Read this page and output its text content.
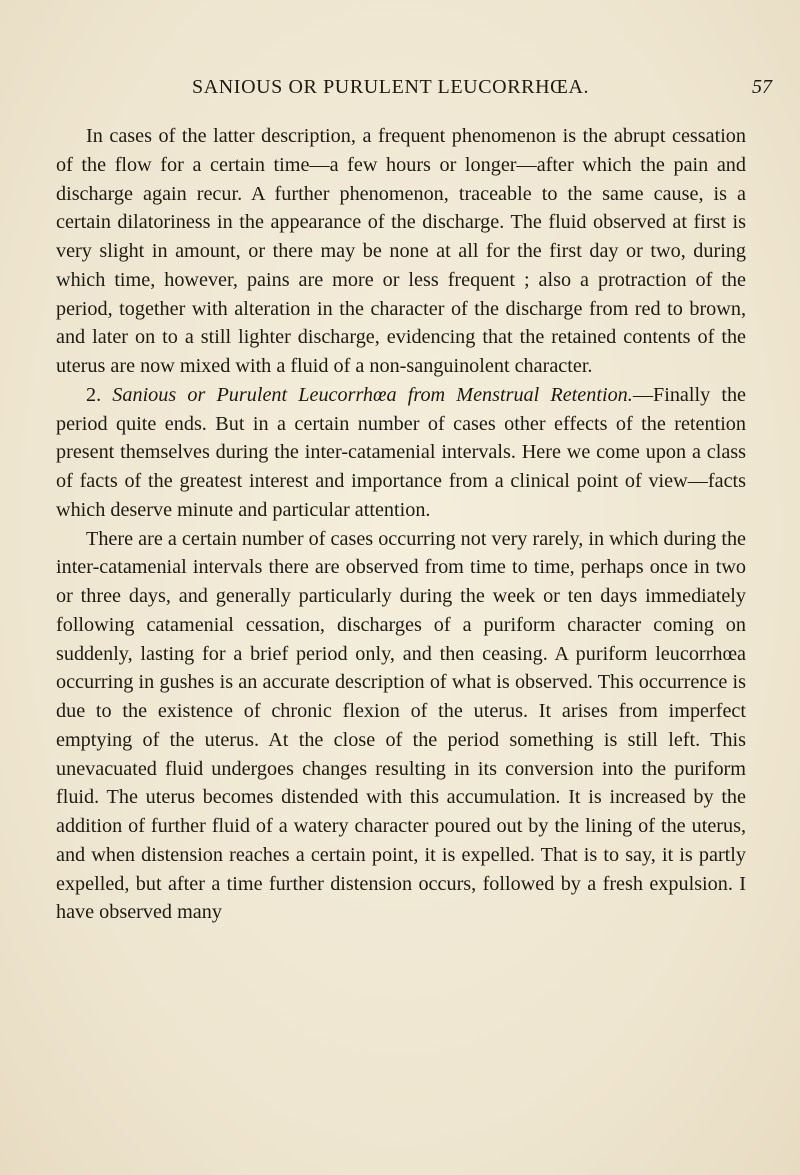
SANIOUS OR PURULENT LEUCORRHŒA.	57

In cases of the latter description, a frequent phenomenon is the abrupt cessation of the flow for a certain time—a few hours or longer—after which the pain and discharge again recur. A further phenomenon, traceable to the same cause, is a certain dilatoriness in the appearance of the discharge. The fluid observed at first is very slight in amount, or there may be none at all for the first day or two, during which time, however, pains are more or less frequent ; also a protraction of the period, together with alteration in the character of the discharge from red to brown, and later on to a still lighter discharge, evidencing that the retained contents of the uterus are now mixed with a fluid of a non-sanguinolent character.

2. Sanious or Purulent Leucorrhœa from Menstrual Retention.—Finally the period quite ends. But in a certain number of cases other effects of the retention present themselves during the inter-catamenial intervals. Here we come upon a class of facts of the greatest interest and importance from a clinical point of view—facts which deserve minute and particular attention.

There are a certain number of cases occurring not very rarely, in which during the inter-catamenial intervals there are observed from time to time, perhaps once in two or three days, and generally particularly during the week or ten days immediately following catamenial cessation, discharges of a puriform character coming on suddenly, lasting for a brief period only, and then ceasing. A puriform leucorrhœa occurring in gushes is an accurate description of what is observed. This occurrence is due to the existence of chronic flexion of the uterus. It arises from imperfect emptying of the uterus. At the close of the period something is still left. This unevacuated fluid undergoes changes resulting in its conversion into the puriform fluid. The uterus becomes distended with this accumulation. It is increased by the addition of further fluid of a watery character poured out by the lining of the uterus, and when distension reaches a certain point, it is expelled. That is to say, it is partly expelled, but after a time further distension occurs, followed by a fresh expulsion. I have observed many
